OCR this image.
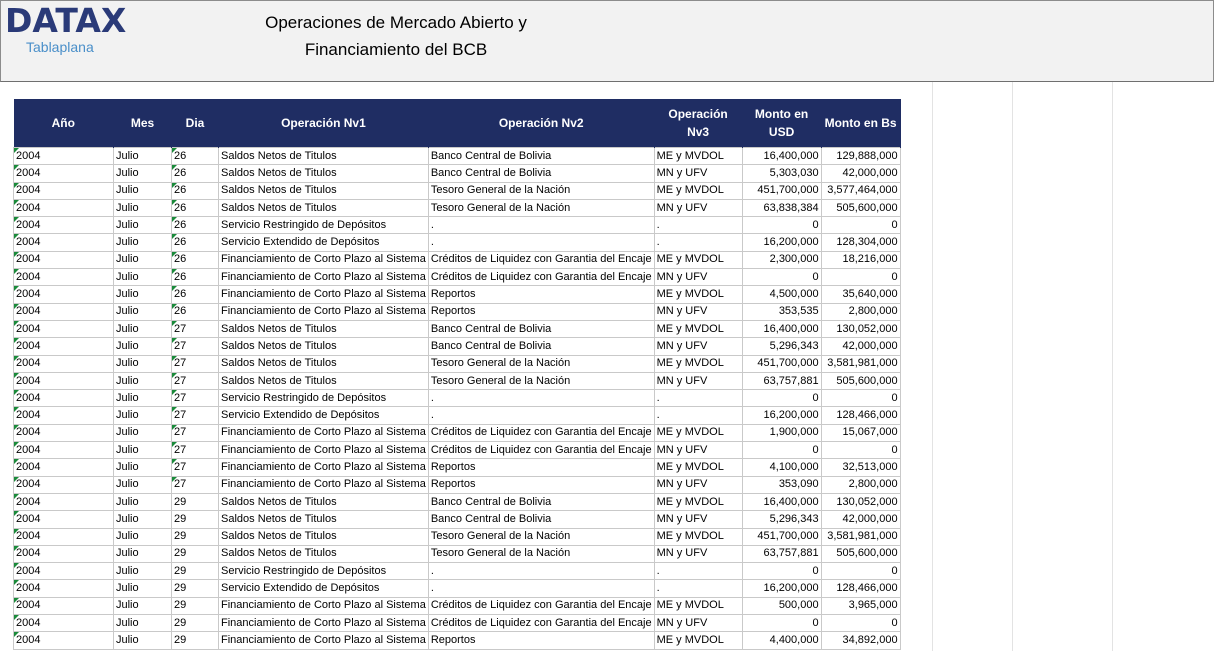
DATAX
Tablaplana
Operaciones de Mercado Abierto y
Financiamiento del BCB
Año	Mes	Dia	Operación Nv1	Operación Nv2	Operación Nv3	Monto en USD	Monto en Bs
2004	Julio	26	Saldos Netos de Titulos	Banco Central de Bolivia	ME y MVDOL	16,400,000	129,888,000
2004	Julio	26	Saldos Netos de Titulos	Banco Central de Bolivia	MN y UFV	5,303,030	42,000,000
2004	Julio	26	Saldos Netos de Titulos	Tesoro General de la Nación	ME y MVDOL	451,700,000	3,577,464,000
2004	Julio	26	Saldos Netos de Titulos	Tesoro General de la Nación	MN y UFV	63,838,384	505,600,000
2004	Julio	26	Servicio Restringido de Depósitos	.	.	0	0
2004	Julio	26	Servicio Extendido de Depósitos	.	.	16,200,000	128,304,000
2004	Julio	26	Financiamiento de Corto Plazo al Sistema	Créditos de Liquidez con Garantia del Encaje	ME y MVDOL	2,300,000	18,216,000
2004	Julio	26	Financiamiento de Corto Plazo al Sistema	Créditos de Liquidez con Garantia del Encaje	MN y UFV	0	0
2004	Julio	26	Financiamiento de Corto Plazo al Sistema	Reportos	ME y MVDOL	4,500,000	35,640,000
2004	Julio	26	Financiamiento de Corto Plazo al Sistema	Reportos	MN y UFV	353,535	2,800,000
2004	Julio	27	Saldos Netos de Titulos	Banco Central de Bolivia	ME y MVDOL	16,400,000	130,052,000
2004	Julio	27	Saldos Netos de Titulos	Banco Central de Bolivia	MN y UFV	5,296,343	42,000,000
2004	Julio	27	Saldos Netos de Titulos	Tesoro General de la Nación	ME y MVDOL	451,700,000	3,581,981,000
2004	Julio	27	Saldos Netos de Titulos	Tesoro General de la Nación	MN y UFV	63,757,881	505,600,000
2004	Julio	27	Servicio Restringido de Depósitos	.	.	0	0
2004	Julio	27	Servicio Extendido de Depósitos	.	.	16,200,000	128,466,000
2004	Julio	27	Financiamiento de Corto Plazo al Sistema	Créditos de Liquidez con Garantia del Encaje	ME y MVDOL	1,900,000	15,067,000
2004	Julio	27	Financiamiento de Corto Plazo al Sistema	Créditos de Liquidez con Garantia del Encaje	MN y UFV	0	0
2004	Julio	27	Financiamiento de Corto Plazo al Sistema	Reportos	ME y MVDOL	4,100,000	32,513,000
2004	Julio	27	Financiamiento de Corto Plazo al Sistema	Reportos	MN y UFV	353,090	2,800,000
2004	Julio	29	Saldos Netos de Titulos	Banco Central de Bolivia	ME y MVDOL	16,400,000	130,052,000
2004	Julio	29	Saldos Netos de Titulos	Banco Central de Bolivia	MN y UFV	5,296,343	42,000,000
2004	Julio	29	Saldos Netos de Titulos	Tesoro General de la Nación	ME y MVDOL	451,700,000	3,581,981,000
2004	Julio	29	Saldos Netos de Titulos	Tesoro General de la Nación	MN y UFV	63,757,881	505,600,000
2004	Julio	29	Servicio Restringido de Depósitos	.	.	0	0
2004	Julio	29	Servicio Extendido de Depósitos	.	.	16,200,000	128,466,000
2004	Julio	29	Financiamiento de Corto Plazo al Sistema	Créditos de Liquidez con Garantia del Encaje	ME y MVDOL	500,000	3,965,000
2004	Julio	29	Financiamiento de Corto Plazo al Sistema	Créditos de Liquidez con Garantia del Encaje	MN y UFV	0	0
2004	Julio	29	Financiamiento de Corto Plazo al Sistema	Reportos	ME y MVDOL	4,400,000	34,892,000
